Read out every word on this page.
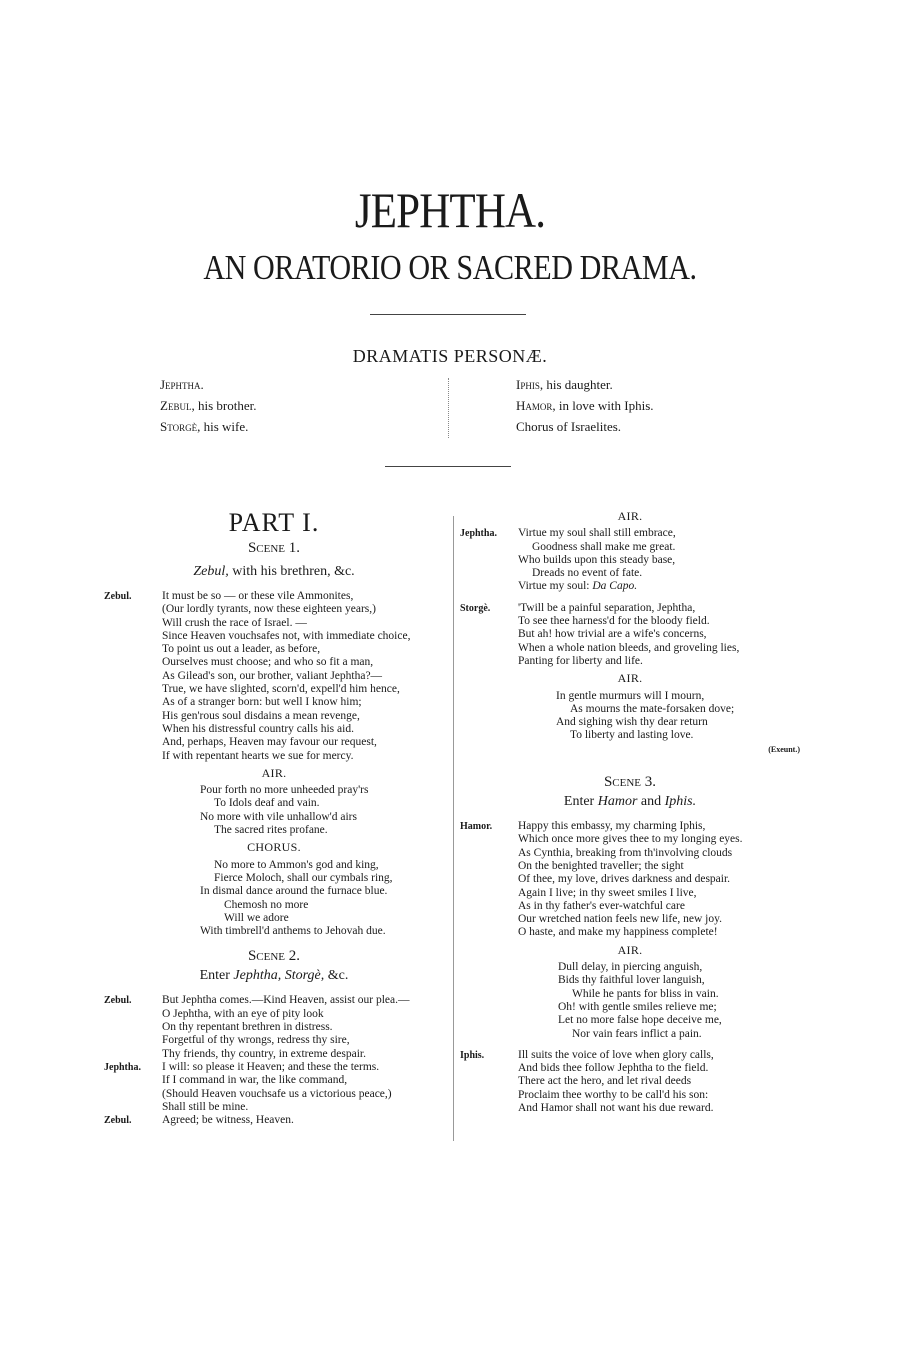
JEPHTHA.
AN ORATORIO OR SACRED DRAMA.
DRAMATIS PERSONÆ.
Jephtha.
Zebul, his brother.
Storgè, his wife.
Iphis, his daughter.
Hamor, in love with Iphis.
Chorus of Israelites.
PART I.
Scene 1.
Zebul, with his brethren, &c.
Zebul.	It must be so — or these vile Ammonites,
(Our lordly tyrants, now these eighteen years,)
Will crush the race of Israel. —
Since Heaven vouchsafes not, with immediate choice,
To point us out a leader, as before,
Ourselves must choose; and who so fit a man,
As Gilead's son, our brother, valiant Jephtha?—
True, we have slighted, scorn'd, expell'd him hence,
As of a stranger born: but well I know him;
His gen'rous soul disdains a mean revenge,
When his distressful country calls his aid.
And, perhaps, Heaven may favour our request,
If with repentant hearts we sue for mercy.
AIR.
Pour forth no more unheeded pray'rs
To Idols deaf and vain.
No more with vile unhallow'd airs
The sacred rites profane.
CHORUS.
No more to Ammon's god and king,
Fierce Moloch, shall our cymbals ring,
In dismal dance around the furnace blue.
Chemosh no more
Will we adore
With timbrell'd anthems to Jehovah due.
Scene 2.
Enter Jephtha, Storgè, &c.
Zebul.	But Jephtha comes.—Kind Heaven, assist our plea.—
O Jephtha, with an eye of pity look
On thy repentant brethren in distress.
Forgetful of thy wrongs, redress thy sire,
Thy friends, thy country, in extreme despair.
Jephtha.	I will: so please it Heaven; and these the terms.
If I command in war, the like command,
(Should Heaven vouchsafe us a victorious peace,)
Shall still be mine.
Zebul.	Agreed; be witness, Heaven.
AIR.
Jephtha.	Virtue my soul shall still embrace,
Goodness shall make me great.
Who builds upon this steady base,
Dreads no event of fate.
Virtue my soul: Da Capo.
Storgè.	'Twill be a painful separation, Jephtha,
To see thee harness'd for the bloody field.
But ah! how trivial are a wife's concerns,
When a whole nation bleeds, and groveling lies,
Panting for liberty and life.
AIR.
In gentle murmurs will I mourn,
As mourns the mate-forsaken dove;
And sighing wish thy dear return
To liberty and lasting love.
(Exeunt.)
Scene 3.
Enter Hamor and Iphis.
Hamor.	Happy this embassy, my charming Iphis,
Which once more gives thee to my longing eyes.
As Cynthia, breaking from th'involving clouds
On the benighted traveller; the sight
Of thee, my love, drives darkness and despair.
Again I live; in thy sweet smiles I live,
As in thy father's ever-watchful care
Our wretched nation feels new life, new joy.
O haste, and make my happiness complete!
AIR.
Dull delay, in piercing anguish,
Bids thy faithful lover languish,
While he pants for bliss in vain.
Oh! with gentle smiles relieve me;
Let no more false hope deceive me,
Nor vain fears inflict a pain.
Iphis.	Ill suits the voice of love when glory calls,
And bids thee follow Jephtha to the field.
There act the hero, and let rival deeds
Proclaim thee worthy to be call'd his son:
And Hamor shall not want his due reward.
